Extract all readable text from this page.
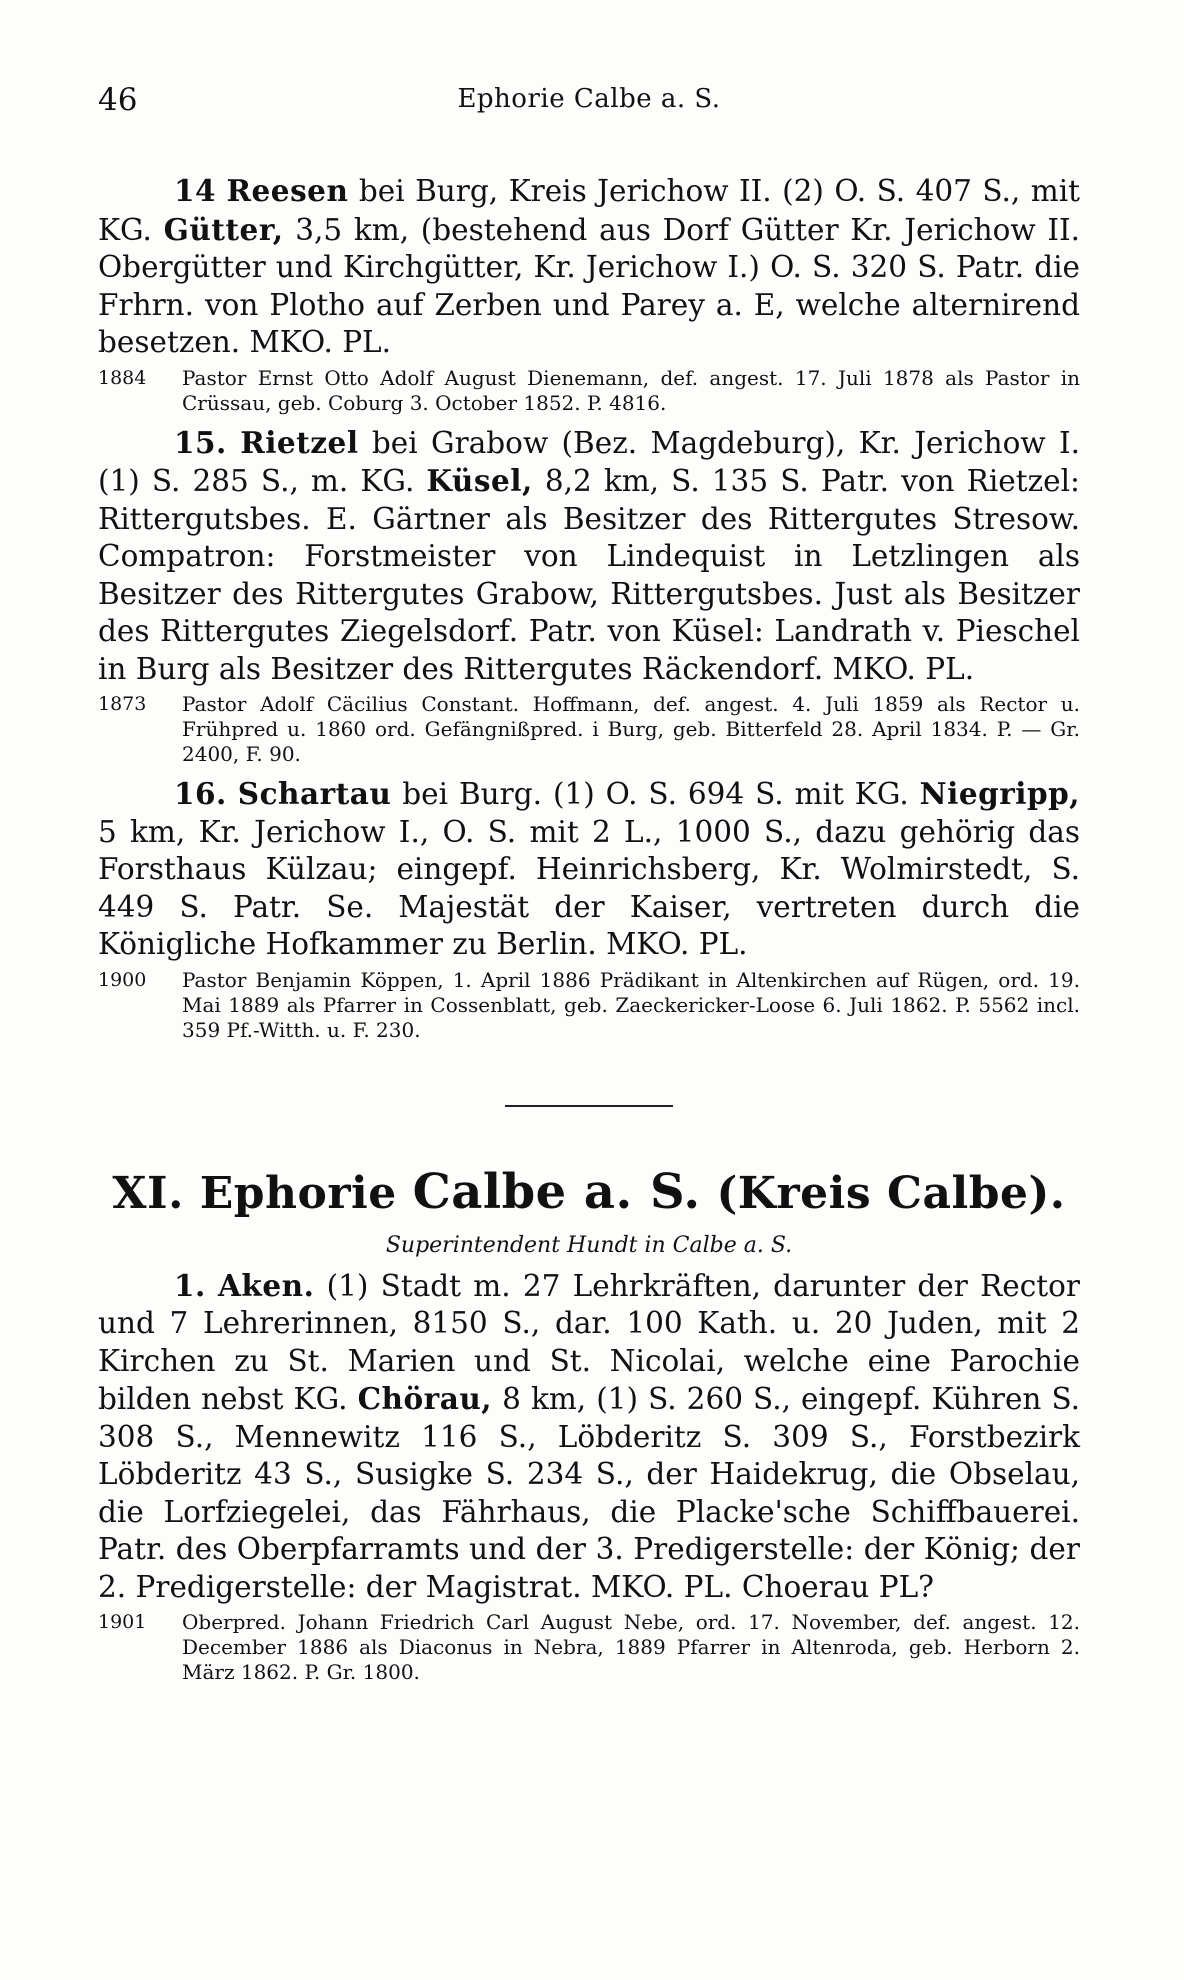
46	Ephorie Calbe a. S.

14 Reesen bei Burg, Kreis Jerichow II. (2) O. S. 407 S., mit KG. Gütter, 3,5 km, (bestehend aus Dorf Gütter Kr. Jerichow II. Obergütter und Kirchgütter, Kr. Jerichow I.) O. S. 320 S. Patr. die Frhrn. von Plotho auf Zerben und Parey a. E, welche alternirend besetzen. MKO. PL.

1884	Pastor Ernst Otto Adolf August Dienemann, def. angest. 17. Juli 1878 als Pastor in Crüssau, geb. Coburg 3. October 1852. P. 4816.

15. Rietzel bei Grabow (Bez. Magdeburg), Kr. Jerichow I. (1) S. 285 S., m. KG. Küsel, 8,2 km, S. 135 S. Patr. von Rietzel: Rittergutsbes. E. Gärtner als Besitzer des Rittergutes Stresow. Compatron: Forstmeister von Lindequist in Letzlingen als Besitzer des Rittergutes Grabow, Rittergutsbes. Just als Besitzer des Rittergutes Ziegelsdorf. Patr. von Küsel: Landrath v. Pieschel in Burg als Besitzer des Rittergutes Räckendorf. MKO. PL.

1873	Pastor Adolf Cäcilius Constant. Hoffmann, def. angest. 4. Juli 1859 als Rector u. Frühpred u. 1860 ord. Gefängnißpred. i Burg, geb. Bitterfeld 28. April 1834. P. — Gr. 2400, F. 90.

16. Schartau bei Burg. (1) O. S. 694 S. mit KG. Niegripp, 5 km, Kr. Jerichow I., O. S. mit 2 L., 1000 S., dazu gehörig das Forsthaus Külzau; eingepf. Heinrichsberg, Kr. Wolmirstedt, S. 449 S. Patr. Se. Majestät der Kaiser, vertreten durch die Königliche Hofkammer zu Berlin. MKO. PL.

1900	Pastor Benjamin Köppen, 1. April 1886 Prädikant in Altenkirchen auf Rügen, ord. 19. Mai 1889 als Pfarrer in Cossenblatt, geb. Zaeckericker-Loose 6. Juli 1862. P. 5562 incl. 359 Pf.-Witth. u. F. 230.
XI. Ephorie Calbe a. S. (Kreis Calbe).
Superintendent Hundt in Calbe a. S.

1. Aken. (1) Stadt m. 27 Lehrkräften, darunter der Rector und 7 Lehrerinnen, 8150 S., dar. 100 Kath. u. 20 Juden, mit 2 Kirchen zu St. Marien und St. Nicolai, welche eine Parochie bilden nebst KG. Chörau, 8 km, (1) S. 260 S., eingepf. Kühren S. 308 S., Mennewitz 116 S., Löbderitz S. 309 S., Forstbezirk Löbderitz 43 S., Susigke S. 234 S., der Haidekrug, die Obselau, die Lorfziegelei, das Fährhaus, die Placke'sche Schiffbauerei. Patr. des Oberpfarramts und der 3. Predigerstelle: der König; der 2. Predigerstelle: der Magistrat. MKO. PL. Choerau PL?

1901	Oberpred. Johann Friedrich Carl August Nebe, ord. 17. November, def. angest. 12. December 1886 als Diaconus in Nebra, 1889 Pfarrer in Altenroda, geb. Herborn 2. März 1862. P. Gr. 1800.
